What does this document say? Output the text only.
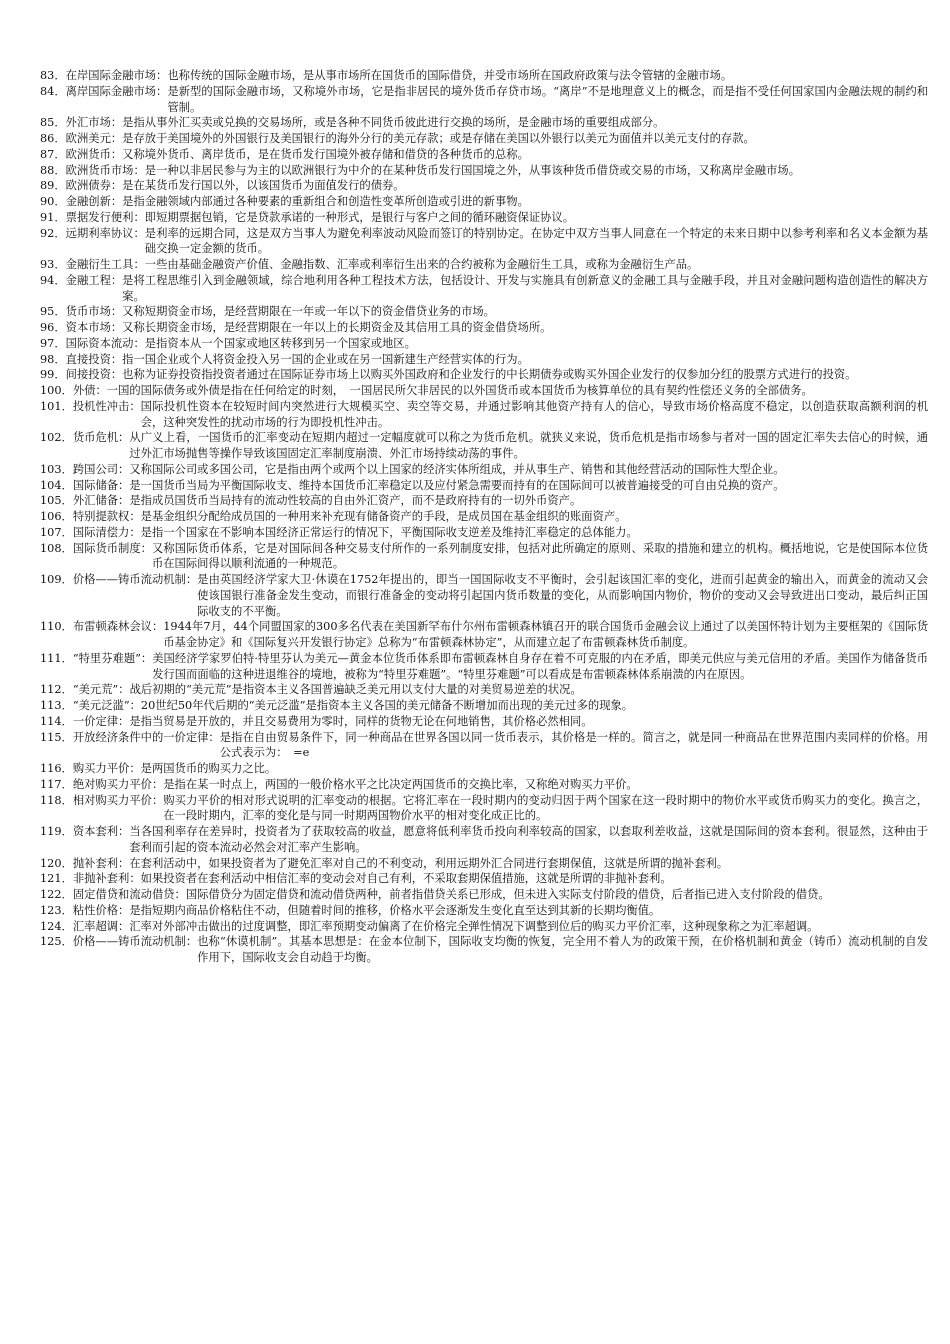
83． 在岸国际金融市场： 也称传统的国际金融市场，是从事市场所在国货币的国际借贷，并受市场所在国政府政策与法令管辖的金融市场。
84． 离岸国际金融市场： 是新型的国际金融市场，又称境外市场，它是指非居民的境外货币存贷市场。“离岸”不是地理意义上的概念，而是指不受任何国家国内金融法规的制约和管制。
85． 外汇市场： 是指从事外汇买卖或兑换的交易场所，或是各种不同货币彼此进行交换的场所，是金融市场的重要组成部分。
86． 欧洲美元： 是存放于美国境外的外国银行及美国银行的海外分行的美元存款；或是存储在美国以外银行以美元为面值并以美元支付的存款。
87． 欧洲货币： 又称境外货币、离岸货币，是在货币发行国境外被存储和借贷的各种货币的总称。
88． 欧洲货币市场： 是一种以非居民参与为主的以欧洲银行为中介的在某种货币发行国国境之外，从事该种货币借贷或交易的市场，又称离岸金融市场。
89． 欧洲债券： 是在某货币发行国以外，以该国货币为面值发行的债券。
90． 金融创新： 是指金融领域内部通过各种要素的重新组合和创造性变革所创造或引进的新事物。
91． 票据发行便利： 即短期票据包销，它是贷款承诺的一种形式，是银行与客户之间的循环融资保证协议。
92． 远期利率协议： 是利率的远期合同，这是双方当事人为避免利率波动风险而签订的特别协定。在协定中双方当事人同意在一个特定的未来日期中以参考利率和名义本金额为基础交换一定金额的货币。
93． 金融衍生工具： 一些由基础金融资产价值、金融指数、汇率或利率衍生出来的合约被称为金融衍生工具，或称为金融衍生产品。
94． 金融工程： 是将工程思维引入到金融领域，综合地利用各种工程技术方法，包括设计、开发与实施具有创新意义的金融工具与金融手段，并且对金融问题构造创造性的解决方案。
95． 货币市场： 又称短期资金市场，是经营期限在一年或一年以下的资金借贷业务的市场。
96． 资本市场： 又称长期资金市场，是经营期限在一年以上的长期资金及其信用工具的资金借贷场所。
97． 国际资本流动： 是指资本从一个国家或地区转移到另一个国家或地区。
98． 直接投资： 指一国企业或个人将资金投入另一国的企业或在另一国新建生产经营实体的行为。
99． 间接投资： 也称为证券投资指投资者通过在国际证券市场上以购买外国政府和企业发行的中长期债券或购买外国企业发行的仅参加分红的股票方式进行的投资。
100． 外债： 一国的国际债务或外债是指在任何给定的时刻，　一国居民所欠非居民的以外国货币或本国货币为核算单位的具有契约性偿还义务的全部债务。
101． 投机性冲击： 国际投机性资本在较短时间内突然进行大规模买空、卖空等交易，并通过影响其他资产持有人的信心，导致市场价格高度不稳定，以创造获取高额利润的机会，这种突发性的扰动市场的行为即投机性冲击。
102． 货币危机： 从广义上看，一国货币的汇率变动在短期内超过一定幅度就可以称之为货币危机。就狭义来说，货币危机是指市场参与者对一国的固定汇率失去信心的时候，通过外汇市场抛售等操作导致该国固定汇率制度崩溃、外汇市场持续动荡的事件。
103． 跨国公司： 又称国际公司或多国公司，它是指由两个或两个以上国家的经济实体所组成，并从事生产、销售和其他经营活动的国际性大型企业。
104． 国际储备： 是一国货币当局为平衡国际收支、维持本国货币汇率稳定以及应付紧急需要而持有的在国际间可以被普遍接受的可自由兑换的资产。
105． 外汇储备： 是指成员国货币当局持有的流动性较高的自由外汇资产，而不是政府持有的一切外币资产。
106． 特别提款权： 是基金组织分配给成员国的一种用来补充现有储备资产的手段，是成员国在基金组织的账面资产。
107． 国际清偿力： 是指一个国家在不影响本国经济正常运行的情况下，平衡国际收支逆差及维持汇率稳定的总体能力。
108． 国际货币制度： 又称国际货币体系，它是对国际间各种交易支付所作的一系列制度安排，包括对此所确定的原则、采取的措施和建立的机构。概括地说，它是使国际本位货币在国际间得以顺利流通的一种规范。
109． 价格——铸币流动机制： 是由英国经济学家大卫·休谟在1752年提出的，即当一国国际收支不平衡时，会引起该国汇率的变化，进而引起黄金的输出入，而黄金的流动又会使该国银行准备金发生变动，而银行准备金的变动将引起国内货币数量的变化，从而影响国内物价，物价的变动又会导致进出口变动，最后纠正国际收支的不平衡。
110． 布雷顿森林会议： 1944年7月，44个同盟国家的300多名代表在美国新罕布什尔州布雷顿森林镇召开的联合国货币金融会议上通过了以美国怀特计划为主要框架的《国际货币基金协定》和《国际复兴开发银行协定》总称为“布雷顿森林协定”，从而建立起了布雷顿森林货币制度。
111． “特里芬难题”： 美国经济学家罗伯特·特里芬认为美元—黄金本位货币体系即布雷顿森林自身存在着不可克服的内在矛盾，即美元供应与美元信用的矛盾。美国作为储备货币发行国而面临的这种进退维谷的境地，被称为“特里芬难题”。“特里芬难题”可以看成是布雷顿森林体系崩溃的内在原因。
112． “美元荒”： 战后初期的“美元荒”是指资本主义各国普遍缺乏美元用以支付大量的对美贸易逆差的状况。
113． “美元泛滥”： 20世纪50年代后期的“美元泛滥”是指资本主义各国的美元储备不断增加而出现的美元过多的现象。
114． 一价定律： 是指当贸易是开放的，并且交易费用为零时，同样的货物无论在何地销售，其价格必然相同。
115． 开放经济条件中的一价定律： 是指在自由贸易条件下，同一种商品在世界各国以同一货币表示，其价格是一样的。简言之，就是同一种商品在世界范围内卖同样的价格。用公式表示为：　=e
116． 购买力平价： 是两国货币的购买力之比。
117． 绝对购买力平价： 是指在某一时点上，两国的一般价格水平之比决定两国货币的交换比率，又称绝对购买力平价。
118． 相对购买力平价： 购买力平价的相对形式说明的汇率变动的根据。它将汇率在一段时期内的变动归因于两个国家在这一段时期中的物价水平或货币购买力的变化。换言之，在一段时期内，汇率的变化是与同一时期两国物价水平的相对变化成正比的。
119． 资本套利： 当各国利率存在差异时，投资者为了获取较高的收益，愿意将低利率货币投向利率较高的国家，以套取利差收益，这就是国际间的资本套利。很显然，这种由于套利而引起的资本流动必然会对汇率产生影响。
120． 抛补套利： 在套利活动中，如果投资者为了避免汇率对自己的不利变动，利用远期外汇合同进行套期保值，这就是所谓的抛补套利。
121． 非抛补套利： 如果投资者在套利活动中相信汇率的变动会对自己有利，不采取套期保值措施，这就是所谓的非抛补套利。
122． 固定借贷和流动借贷： 国际借贷分为固定借贷和流动借贷两种，前者指借贷关系已形成，但未进入实际支付阶段的借贷，后者指已进入支付阶段的借贷。
123． 粘性价格： 是指短期内商品价格粘住不动，但随着时间的推移，价格水平会逐渐发生变化直至达到其新的长期均衡值。
124． 汇率超调： 汇率对外部冲击做出的过度调整，即汇率预期变动偏离了在价格完全弹性情况下调整到位后的购买力平价汇率，这种现象称之为汇率超调。
125． 价格——铸币流动机制： 也称“休谟机制”。其基本思想是：在金本位制下，国际收支均衡的恢复，完全用不着人为的政策干预，在价格机制和黄金（铸币）流动机制的自发作用下，国际收支会自动趋于均衡。
